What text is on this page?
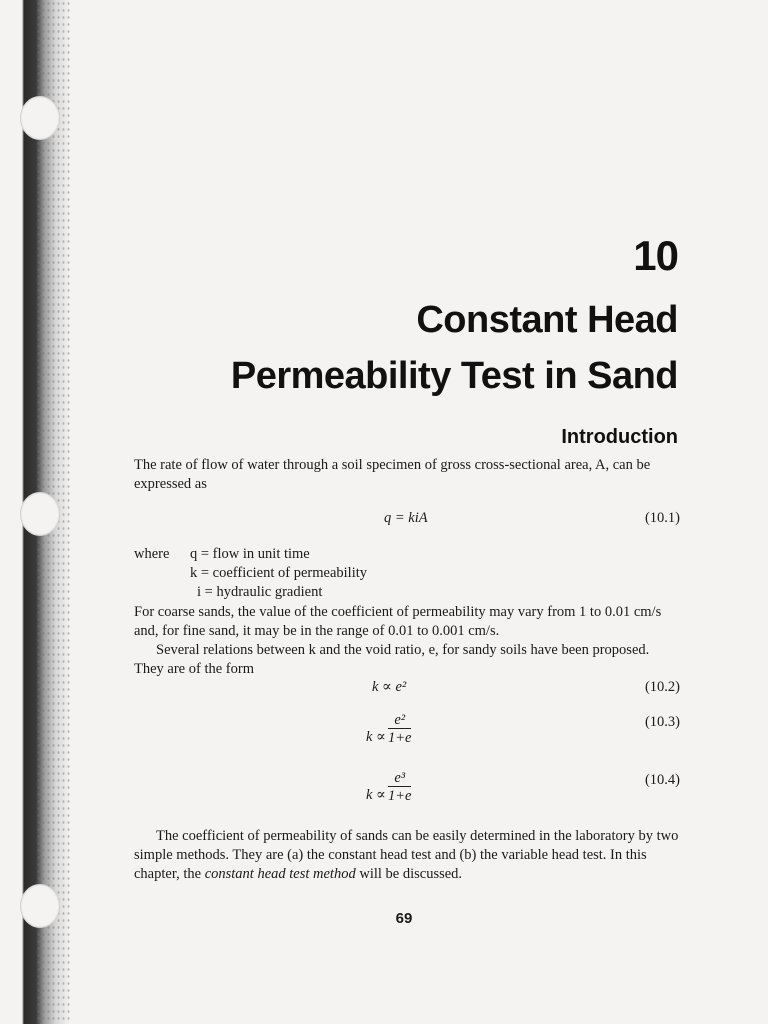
10
Constant Head
Permeability Test in Sand
Introduction
The rate of flow of water through a soil specimen of gross cross-sectional area, A, can be
expressed as
q = kiA	(10.1)
where q = flow in unit time
k = coefficient of permeability
i = hydraulic gradient
For coarse sands, the value of the coefficient of permeability may vary from 1 to 0.01 cm/s
and, for fine sand, it may be in the range of 0.01 to 0.001 cm/s.
Several relations between k and the void ratio, e, for sandy soils have been proposed.
They are of the form
k ∝ e²	(10.2)
$k \propto \frac{\text{e²}}{1+e}$	(10.3)
$k \propto \frac{\text{e³}}{1+e}$	(10.4)
The coefficient of permeability of sands can be easily determined in the laboratory by two
simple methods. They are (a) the constant head test and (b) the variable head test. In this
chapter, the constant head test method will be discussed.
69
